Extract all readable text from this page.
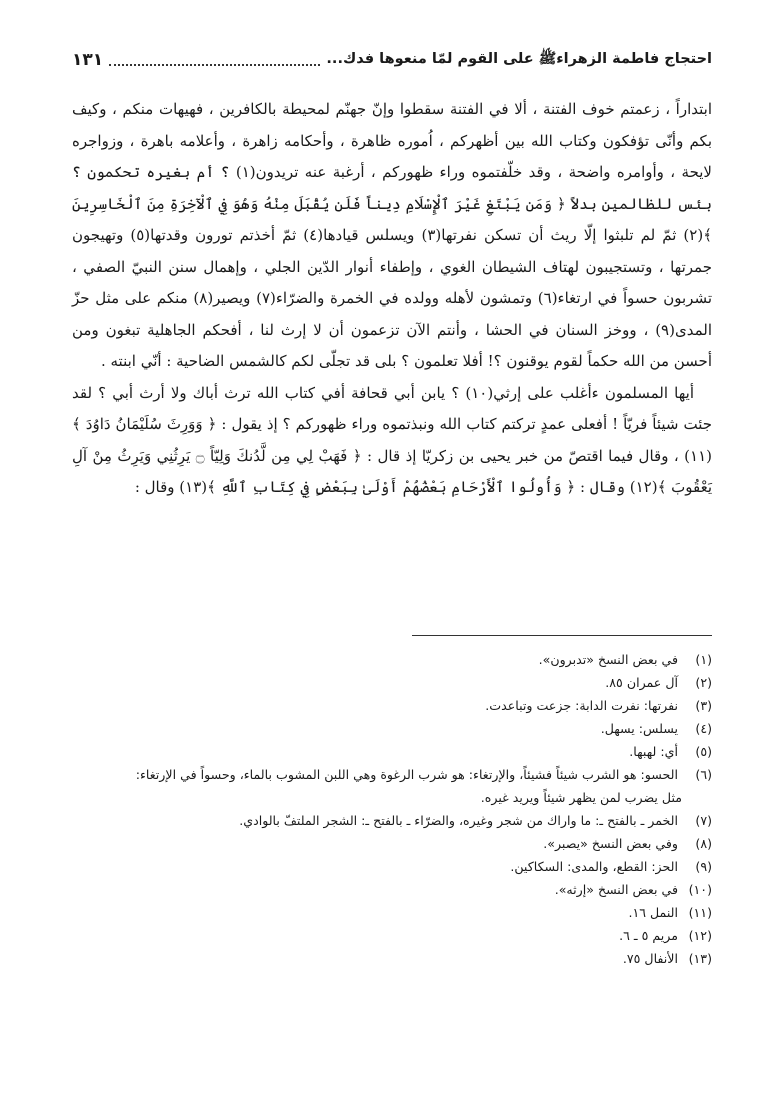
احتجاج فاطمة الزهراءﷺ على القوم لمّا منعوها فدك...
١٣١

ابتداراً ، زعمتم خوف الفتنة ، ألا في الفتنة سقطوا وإنّ جهنّم لمحيطة بالكافرين ، فهيهات منكم ، وكيف بكم وأنّى تؤفكون وكتاب الله بين أظهركم ، اُموره ظاهرة ، وأحكامه زاهرة ، وأعلامه باهرة ، وزواجره لايحة ، وأوامره واضحة ، وقد خلّفتموه وراء ظهوركم ، أرغبة عنه تريدون(١) ؟ أم بغيره تحكمون ؟ بئس للظالمين بدلاً ﴿ وَمَن يَبْتَغِ غَيْرَ ٱلْإِسْلَامِ دِيناً فَلَن يُقْبَلَ مِنْهُ وَهُوَ فِي ٱلْآخِرَةِ مِنَ ٱلْخَاسِرِينَ ﴾(٢) ثمّ لم تلبثوا إلّا ريث أن تسكن نفرتها(٣) ويسلس قيادها(٤) ثمّ أخذتم تورون وقدتها(٥) وتهيجون جمرتها ، وتستجيبون لهتاف الشيطان الغوي ، وإطفاء أنوار الدّين الجلي ، وإهمال سنن النبيّ الصفي ، تشربون حسواً في ارتغاء(٦) وتمشون لأهله وولده في الخمرة والضرّاء(٧) ويصير(٨) منكم على مثل حزّ المدى(٩) ، ووخز السنان في الحشا ، وأنتم الآن تزعمون أن لا إرث لنا ، أفحكم الجاهلية تبغون ومن أحسن من الله حكماً لقوم يوقنون ؟! أفلا تعلمون ؟ بلى قد تجلّى لكم كالشمس الضاحية : أنّي ابنته .

أيها المسلمون ءأغلب على إرثي(١٠) ؟ يابن أبي قحافة أفي كتاب الله ترث أباك ولا أرث أبي ؟ لقد جئت شيئاً فريّاً ! أفعلى عمدٍ تركتم كتاب الله ونبذتموه وراء ظهوركم ؟ إذ يقول : ﴿ وَوَرِثَ سُلَيْمَانُ دَاوُدَ ﴾(١١) ، وقال فيما اقتصّ من خبر يحيى بن زكريّا إذ قال : ﴿ فَهَبْ لِي مِن لَّدُنكَ وَلِيّاً ۝ يَرِثُنِي وَيَرِثُ مِنْ آلِ يَعْقُوبَ ﴾(١٢) وقال : ﴿ وَأُولُوا ٱلْأَرْحَامِ بَعْضُهُمْ أَوْلَىٰ بِبَعْضٍ فِي كِتَابِ ٱللَّهِ ﴾(١٣) وقال :

(١) في بعض النسخ «تدبرون».

(٢) آل عمران ٨٥.

(٣) نفرتها: نفرت الدابة: جزعت وتباعدت.

(٤) يسلس: يسهل.

(٥) أي: لهبها.

(٦) الحسو: هو الشرب شيئاً فشيئاً، والإرتغاء: هو شرب الرغوة وهي اللبن المشوب بالماء، وحسواً في الإرتغاء:

مثل يضرب لمن يظهر شيئاً ويريد غيره.

(٧) الخمر ـ بالفتح ـ: ما واراك من شجر وغيره، والضرّاء ـ بالفتح ـ: الشجر الملتفّ بالوادي.

(٨) وفي بعض النسخ «يصبر».

(٩) الحز: القطع، والمدى: السكاكين.

(١٠) في بعض النسخ «إرثه».

(١١) النمل ١٦.

(١٢) مريم ٥ ـ ٦.

(١٣) الأنفال ٧٥.
